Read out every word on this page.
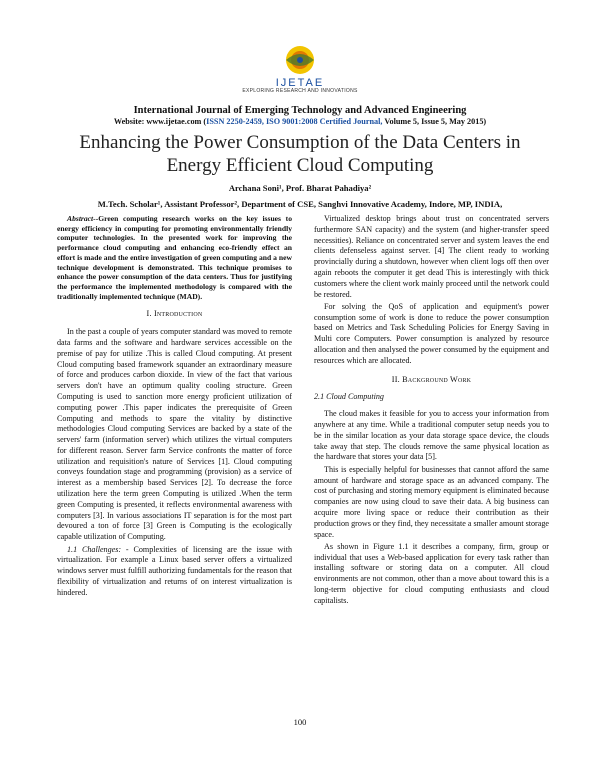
IJETAE
EXPLORING RESEARCH AND INNOVATIONS
International Journal of Emerging Technology and Advanced Engineering
Website: www.ijetae.com (ISSN 2250-2459, ISO 9001:2008 Certified Journal, Volume 5, Issue 5, May 2015)
Enhancing the Power Consumption of the Data Centers in Energy Efficient Cloud Computing
Archana Soni¹, Prof. Bharat Pahadiya²
M.Tech. Scholar¹, Assistant Professor², Department of CSE, Sanghvi Innovative Academy, Indore, MP, INDIA,

Abstract--Green computing research works on the key issues to energy efficiency in computing for promoting environmentally friendly computer technologies. In the presented work for improving the performance cloud computing and enhancing eco-friendly effect an effort is made and the entire investigation of green computing and a new technique development is demonstrated. This technique promises to enhance the power consumption of the data centers. Thus for justifying the performance the implemented methodology is compared with the traditionally implemented technique (MAD).

I. Introduction

In the past a couple of years computer standard was moved to remote data farms and the software and hardware services accessible on the premise of pay for utilize .This is called Cloud computing. At present Cloud computing based framework squander an extraordinary measure of force and produces carbon dioxide. In view of the fact that various servers don't have an optimum quality cooling structure. Green Computing is used to sanction more energy proficient utilization of computing power .This paper indicates the prerequisite of Green Computing and methods to spare the vitality by distinctive methodologies Cloud computing Services are backed by a state of the servers' farm (information server) which utilizes the virtual computers for different reason. Server farm Service confronts the matter of force utilization and requisition's nature of Services [1]. Cloud computing conveys foundation stage and programming (provision) as a service of interest as a membership based Services [2]. To decrease the force utilization here the term green Computing is utilized .When the term green Computing is presented, it reflects environmental awareness with computers [3]. In various associations IT separation is for the most part devoured a ton of force [3] Green is Computing is the ecologically capable utilization of Computing.

1.1 Challenges: - Complexities of licensing are the issue with virtualization. For example a Linux based server offers a virtualized windows server must fulfill authorizing fundamentals for the reason that flexibility of virtualization and returns of on interest virtualization is hindered.

Virtualized desktop brings about trust on concentrated servers furthermore SAN capacity) and the system (and higher-transfer speed necessities). Reliance on concentrated server and system leaves the end clients defenseless against server. [4] The client ready to working provincially during a shutdown, however when client logs off then over again reboots the computer it get dead This is interestingly with thick customers where the client work mainly proceed until the network could be restored.

For solving the QoS of application and equipment's power consumption some of work is done to reduce the power consumption based on Metrics and Task Scheduling Policies for Energy Saving in Multi core Computers. Power consumption is analyzed by resource allocation and then analysed the power consumed by the equipment and resources which are allocated.

II. Background Work
2.1 Cloud Computing

The cloud makes it feasible for you to access your information from anywhere at any time. While a traditional computer setup needs you to be in the similar location as your data storage space device, the clouds take away that step. The clouds remove the same physical location as the hardware that stores your data [5].

This is especially helpful for businesses that cannot afford the same amount of hardware and storage space as an advanced company. The cost of purchasing and storing memory equipment is eliminated because companies are now using cloud to save their data. A big business can acquire more living space or reduce their contribution as their production grows or they find, they necessitate a smaller amount storage space.

As shown in Figure 1.1 it describes a company, firm, group or individual that uses a Web-based application for every task rather than installing software or storing data on a computer. All cloud environments are not common, other than a move about toward this is a long-term objective for cloud computing enthusiasts and cloud capitalists.

100
